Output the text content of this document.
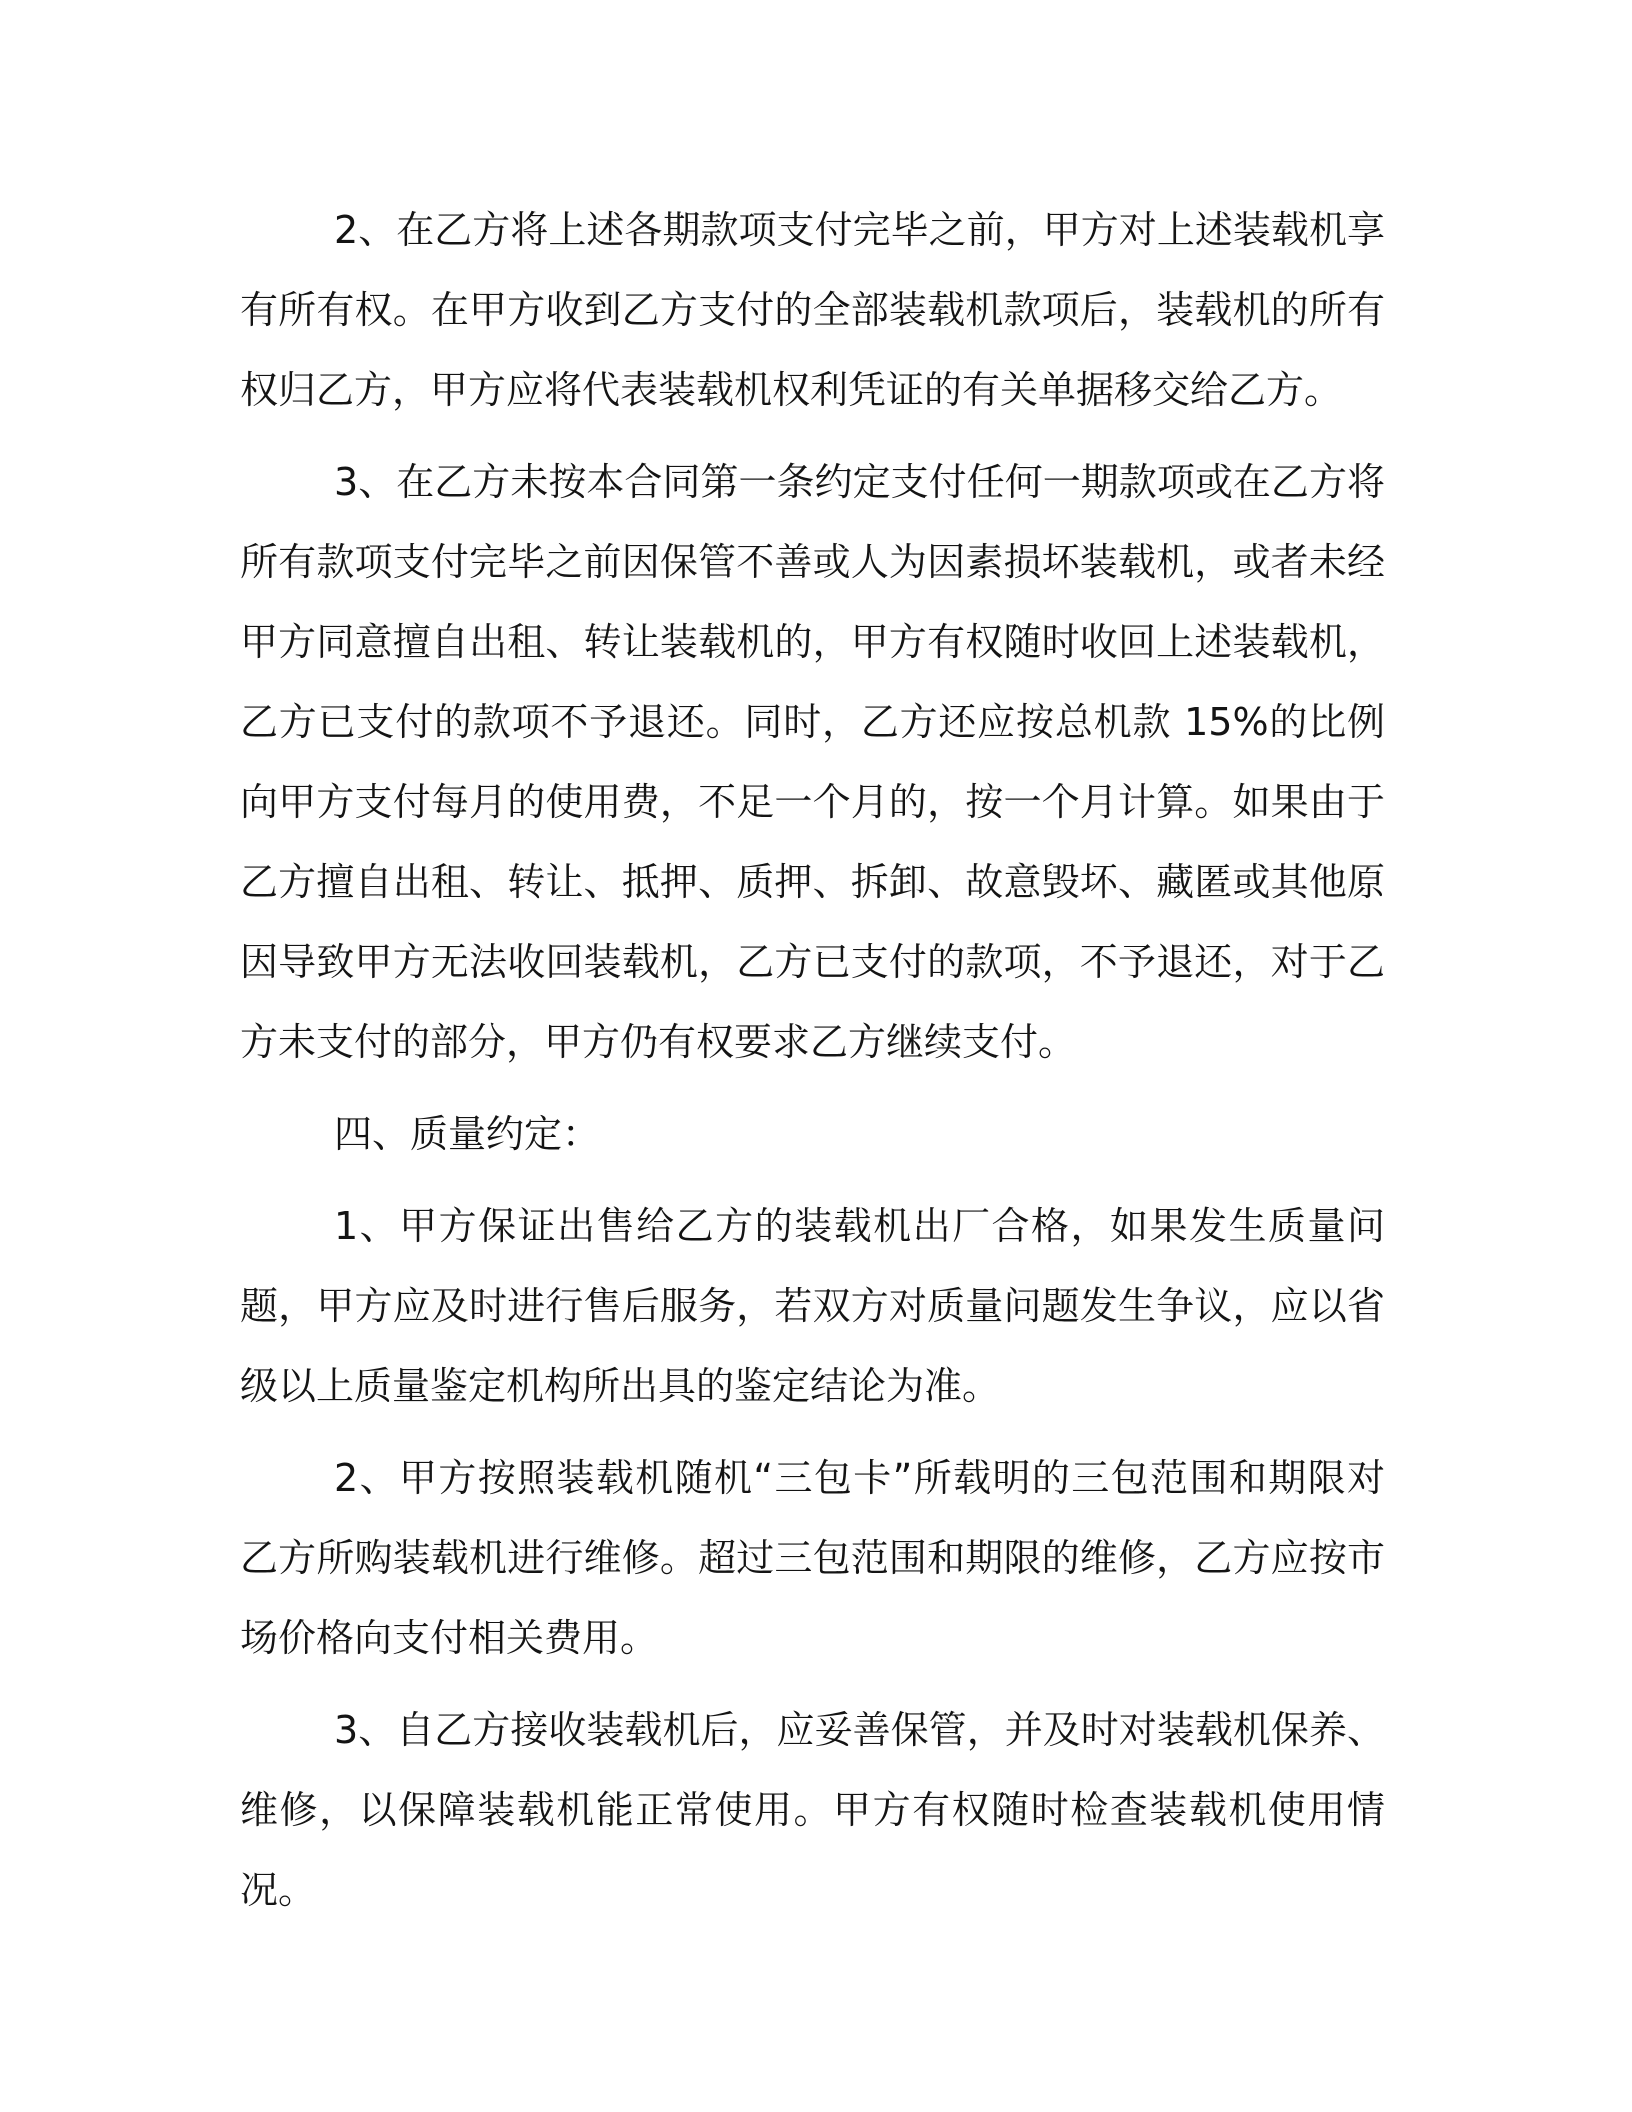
2、在乙方将上述各期款项支付完毕之前，甲方对上述装载机享有所有权。在甲方收到乙方支付的全部装载机款项后，装载机的所有权归乙方，甲方应将代表装载机权利凭证的有关单据移交给乙方。

3、在乙方未按本合同第一条约定支付任何一期款项或在乙方将所有款项支付完毕之前因保管不善或人为因素损坏装载机，或者未经甲方同意擅自出租、转让装载机的，甲方有权随时收回上述装载机，乙方已支付的款项不予退还。同时，乙方还应按总机款 15%的比例向甲方支付每月的使用费，不足一个月的，按一个月计算。如果由于乙方擅自出租、转让、抵押、质押、拆卸、故意毁坏、藏匿或其他原因导致甲方无法收回装载机，乙方已支付的款项，不予退还，对于乙方未支付的部分，甲方仍有权要求乙方继续支付。

四、质量约定：

1、甲方保证出售给乙方的装载机出厂合格，如果发生质量问题，甲方应及时进行售后服务，若双方对质量问题发生争议，应以省级以上质量鉴定机构所出具的鉴定结论为准。

2、甲方按照装载机随机“三包卡”所载明的三包范围和期限对乙方所购装载机进行维修。超过三包范围和期限的维修，乙方应按市场价格向支付相关费用。

3、自乙方接收装载机后，应妥善保管，并及时对装载机保养、维修，以保障装载机能正常使用。甲方有权随时检查装载机使用情况。
